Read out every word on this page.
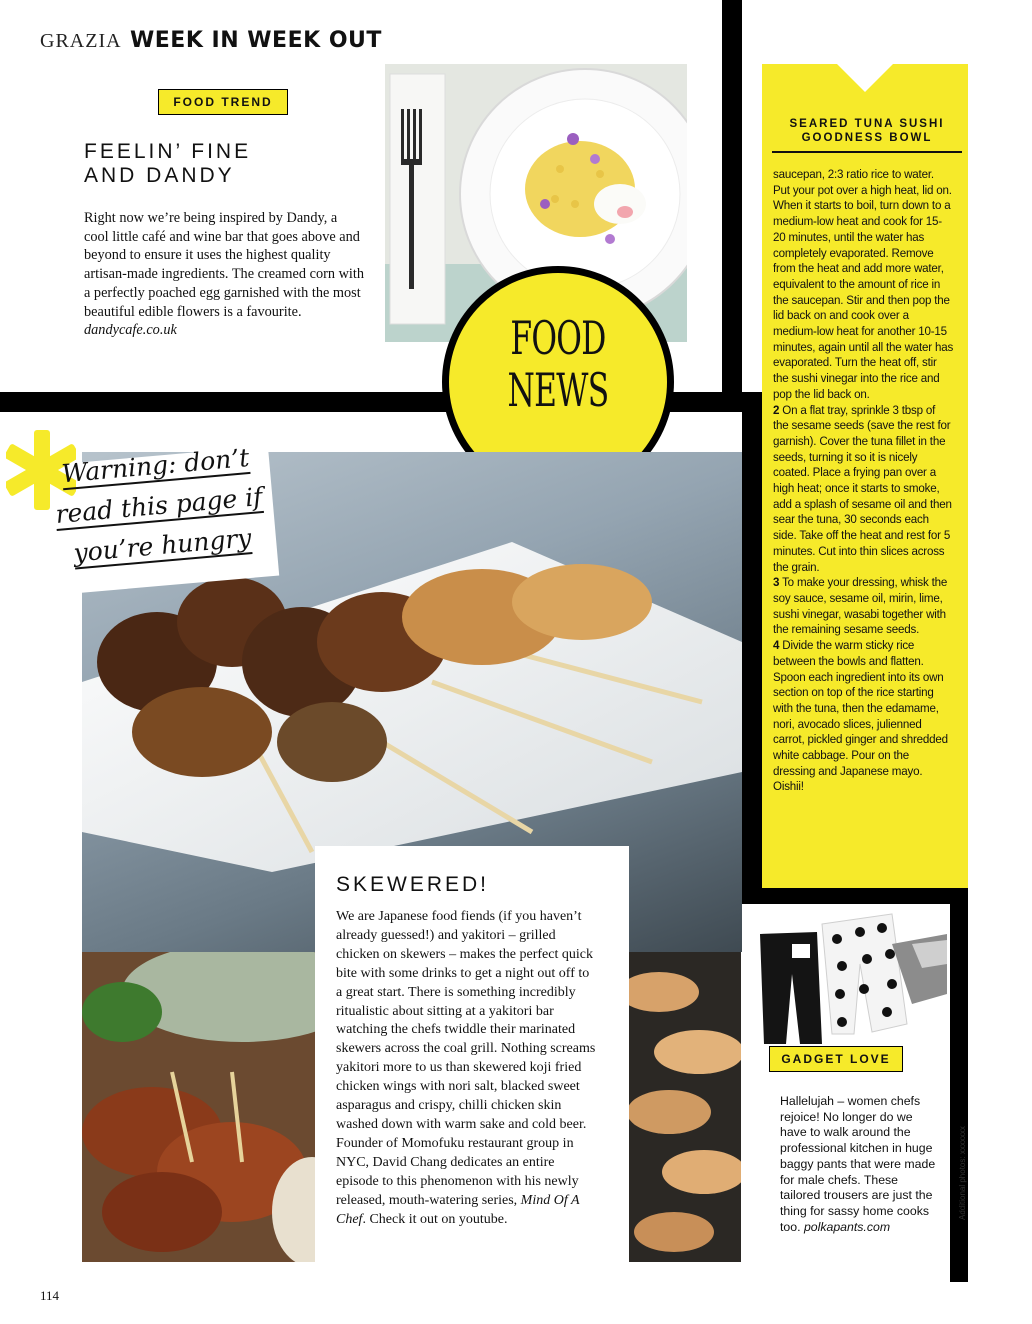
GRAZIA WEEK IN WEEK OUT
FOOD TREND
FEELIN’ FINE
AND DANDY
Right now we’re being inspired by Dandy, a cool little café and wine bar that goes above and beyond to ensure it uses the highest quality artisan-made ingredients. The creamed corn with a perfectly poached egg garnished with the most beautiful edible flowers is a favourite. dandycafe.co.uk	FOOD
NEWS
Warning: don’t
read this page if
you’re hungry
SEARED TUNA SUSHI GOODNESS BOWL
saucepan, 2:3 ratio rice to water. Put your pot over a high heat, lid on. When it starts to boil, turn down to a medium-low heat and cook for 15-20 minutes, until the water has completely evaporated. Remove from the heat and add more water, equivalent to the amount of rice in the saucepan. Stir and then pop the lid back on and cook over a medium-low heat for another 10-15 minutes, again until all the water has evaporated. Turn the heat off, stir the sushi vinegar into the rice and pop the lid back on.
2 On a flat tray, sprinkle 3 tbsp of the sesame seeds (save the rest for garnish). Cover the tuna fillet in the seeds, turning it so it is nicely coated. Place a frying pan over a high heat; once it starts to smoke, add a splash of sesame oil and then sear the tuna, 30 seconds each side. Take off the heat and rest for 5 minutes. Cut into thin slices across the grain.
3 To make your dressing, whisk the soy sauce, sesame oil, mirin, lime, sushi vinegar, wasabi together with the remaining sesame seeds.
4 Divide the warm sticky rice between the bowls and flatten. Spoon each ingredient into its own section on top of the rice starting with the tuna, then the edamame, nori, avocado slices, julienned carrot, pickled ginger and shredded white cabbage. Pour on the dressing and Japanese mayo. Oishii!
SKEWERED!
We are Japanese food fiends (if you haven’t already guessed!) and yakitori – grilled chicken on skewers – makes the perfect quick bite with some drinks to get a night out off to a great start. There is something incredibly ritualistic about sitting at a yakitori bar watching the chefs twiddle their marinated skewers across the coal grill. Nothing screams yakitori more to us than skewered koji fried chicken wings with nori salt, blacked sweet asparagus and crispy, chilli chicken skin washed down with warm sake and cold beer. Founder of Momofuku restaurant group in NYC, David Chang dedicates an entire episode to this phenomenon with his newly released, mouth-watering series, Mind Of A Chef. Check it out on youtube.
GADGET LOVE
Hallelujah – women chefs rejoice! No longer do we have to walk around the professional kitchen in huge baggy pants that were made for male chefs. These tailored trousers are just the thing for sassy home cooks too. polkapants.com
114
Additional photos: xxxxxxx
